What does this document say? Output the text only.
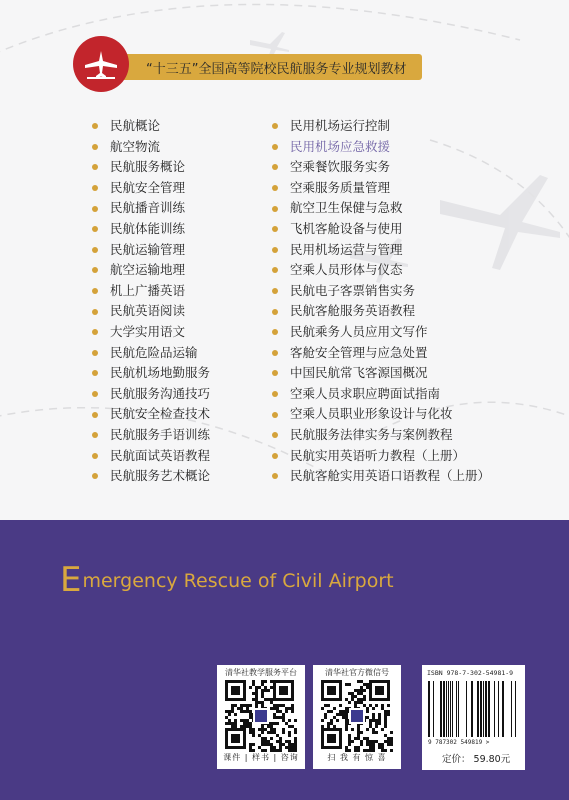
“十三五”全国高等院校民航服务专业规划教材
民航概论
航空物流
民航服务概论
民航安全管理
民航播音训练
民航体能训练
民航运输管理
航空运输地理
机上广播英语
民航英语阅读
大学实用语文
民航危险品运输
民航机场地勤服务
民航服务沟通技巧
民航安全检查技术
民航服务手语训练
民航面试英语教程
民航服务艺术概论
民用机场运行控制
民用机场应急救援
空乘餐饮服务实务
空乘服务质量管理
航空卫生保健与急救
飞机客舱设备与使用
民用机场运营与管理
空乘人员形体与仪态
民航电子客票销售实务
民航客舱服务英语教程
民航乘务人员应用文写作
客舱安全管理与应急处置
中国民航常飞客源国概况
空乘人员求职应聘面试指南
空乘人员职业形象设计与化妆
民航服务法律实务与案例教程
民航实用英语听力教程（上册）
民航客舱实用英语口语教程（上册）
Emergency Rescue of Civil Airport
清华社教学服务平台
课件 | 样书 | 咨询
清华社官方微信号
扫 我 有 惊 喜
ISBN 978-7-302-54981-9
9 787302 549819 >
定价： 59.80元
